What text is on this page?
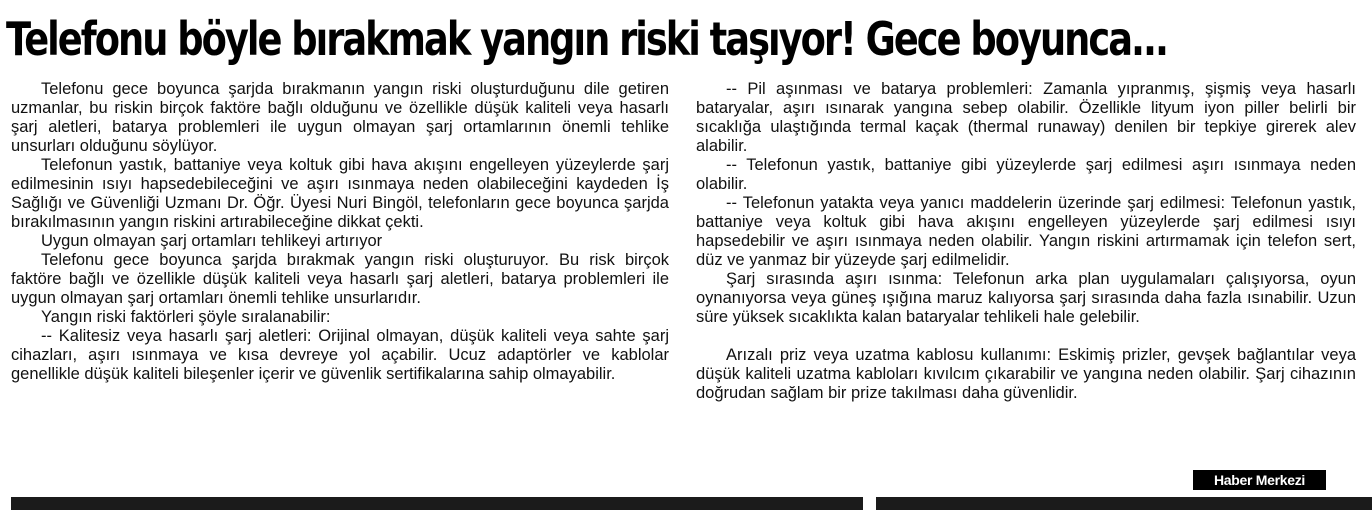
Telefonu böyle bırakmak yangın riski taşıyor! Gece boyunca...

Telefonu gece boyunca şarjda bırakmanın yangın riski oluşturduğunu dile getiren uzmanlar, bu riskin birçok faktöre bağlı olduğunu ve özellikle düşük kaliteli veya hasarlı şarj aletleri, batarya problemleri ile uygun olmayan şarj ortamlarının önemli tehlike unsurları olduğunu söylüyor.

Telefonun yastık, battaniye veya koltuk gibi hava akışını engelleyen yüzeylerde şarj edilmesinin ısıyı hapsedebileceğini ve aşırı ısınmaya neden olabileceğini kaydeden İş Sağlığı ve Güvenliği Uzmanı Dr. Öğr. Üyesi Nuri Bingöl, telefonların gece boyunca şarjda bırakılmasının yangın riskini artırabileceğine dikkat çekti.

Uygun olmayan şarj ortamları tehlikeyi artırıyor

Telefonu gece boyunca şarjda bırakmak yangın riski oluşturuyor. Bu risk birçok faktöre bağlı ve özellikle düşük kaliteli veya hasarlı şarj aletleri, batarya problemleri ile uygun olmayan şarj ortamları önemli tehlike unsurlarıdır.

Yangın riski faktörleri şöyle sıralanabilir:

-- Kalitesiz veya hasarlı şarj aletleri: Orijinal olmayan, düşük kaliteli veya sahte şarj cihazları, aşırı ısınmaya ve kısa devreye yol açabilir. Ucuz adaptörler ve kablolar genellikle düşük kaliteli bileşenler içerir ve güvenlik sertifikalarına sahip olmayabilir.

-- Pil aşınması ve batarya problemleri: Zamanla yıpranmış, şişmiş veya hasarlı bataryalar, aşırı ısınarak yangına sebep olabilir. Özellikle lityum iyon piller belirli bir sıcaklığa ulaştığında termal kaçak (thermal runaway) denilen bir tepkiye girerek alev alabilir.

-- Telefonun yastık, battaniye gibi yüzeylerde şarj edilmesi aşırı ısınmaya neden olabilir.

-- Telefonun yatakta veya yanıcı maddelerin üzerinde şarj edilmesi: Telefonun yastık, battaniye veya koltuk gibi hava akışını engelleyen yüzeylerde şarj edilmesi ısıyı hapsedebilir ve aşırı ısınmaya neden olabilir. Yangın riskini artırmamak için telefon sert, düz ve yanmaz bir yüzeyde şarj edilmelidir.

Şarj sırasında aşırı ısınma: Telefonun arka plan uygulamaları çalışıyorsa, oyun oynanıyorsa veya güneş ışığına maruz kalıyorsa şarj sırasında daha fazla ısınabilir. Uzun süre yüksek sıcaklıkta kalan bataryalar tehlikeli hale gelebilir.

Arızalı priz veya uzatma kablosu kullanımı: Eskimiş prizler, gevşek bağlantılar veya düşük kaliteli uzatma kabloları kıvılcım çıkarabilir ve yangına neden olabilir. Şarj cihazının doğrudan sağlam bir prize takılması daha güvenlidir.

Haber Merkezi
